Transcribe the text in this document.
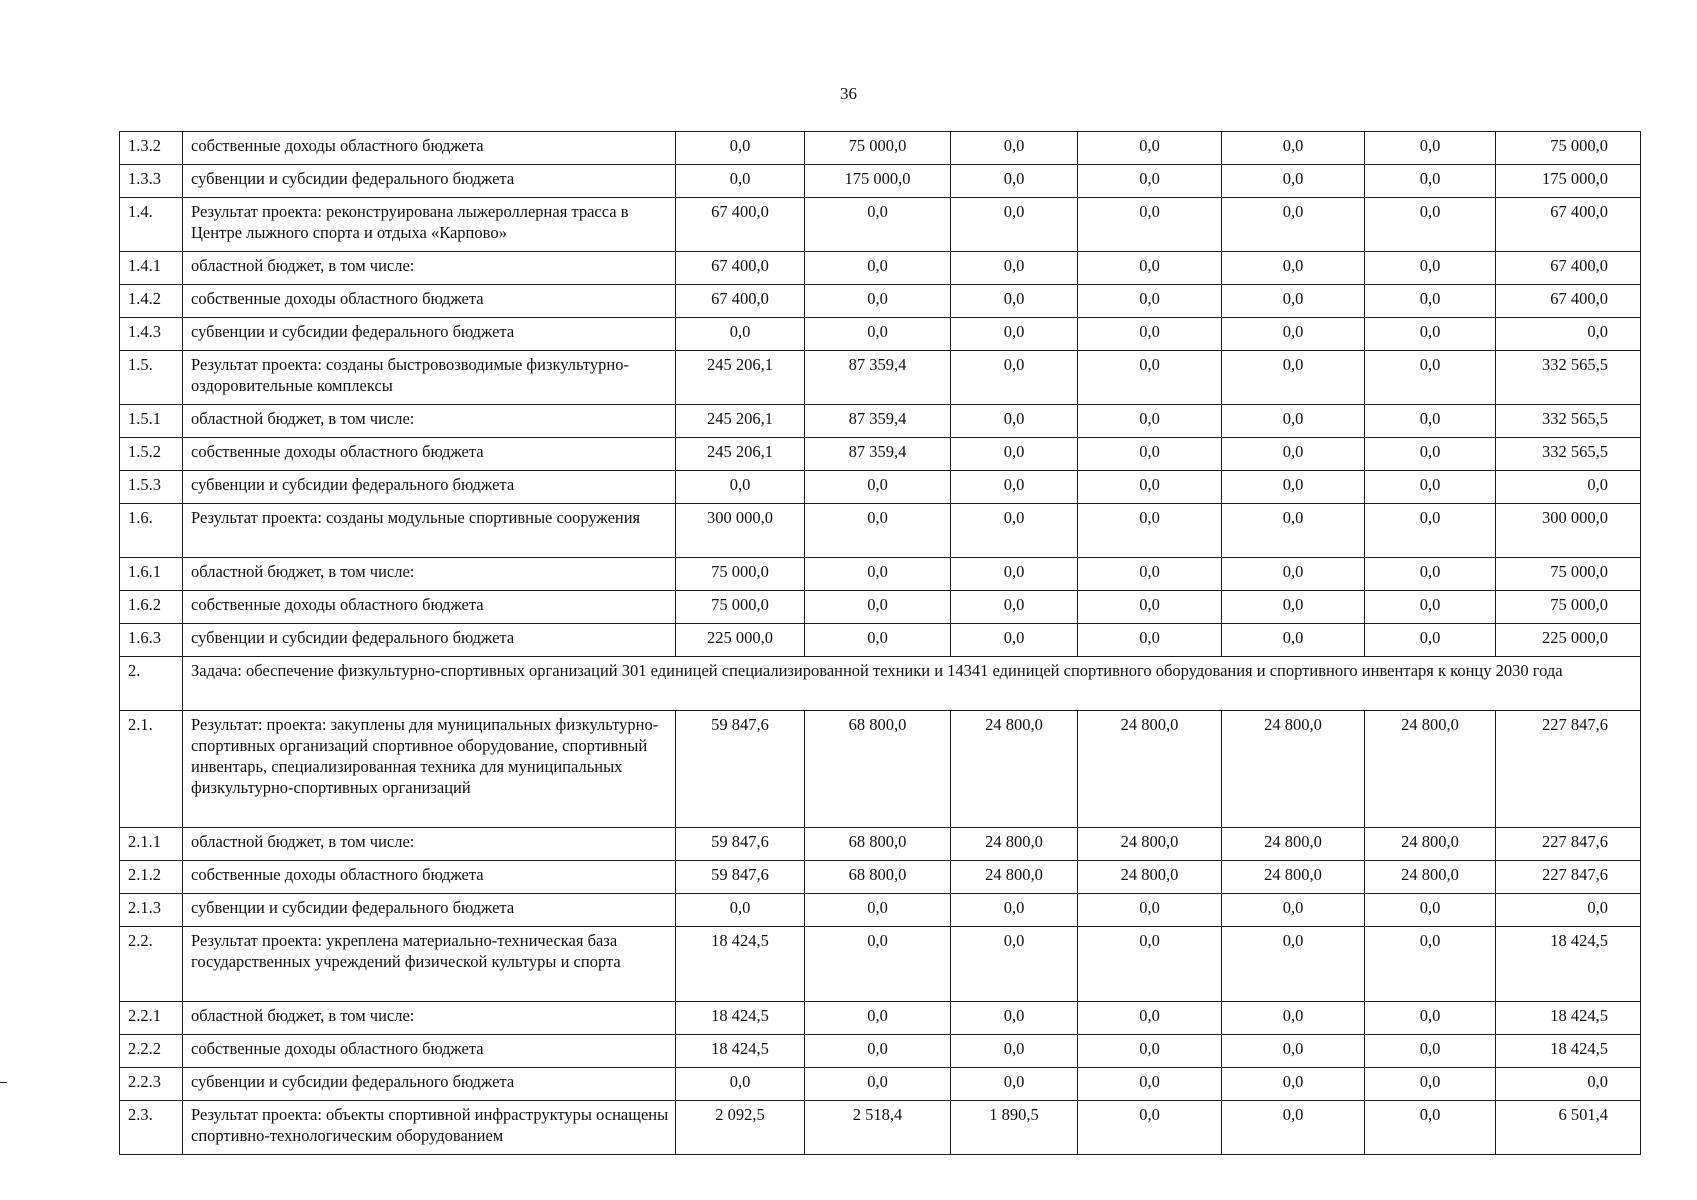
36
1.3.2	собственные доходы областного бюджета	0,0	75 000,0	0,0	0,0	0,0	0,0	75 000,0
1.3.3	субвенции и субсидии федерального бюджета	0,0	175 000,0	0,0	0,0	0,0	0,0	175 000,0
1.4.	Результат проекта: реконструирована лыжероллерная трасса в Центре лыжного спорта и отдыха «Карпово»	67 400,0	0,0	0,0	0,0	0,0	0,0	67 400,0
1.4.1	областной бюджет, в том числе:	67 400,0	0,0	0,0	0,0	0,0	0,0	67 400,0
1.4.2	собственные доходы областного бюджета	67 400,0	0,0	0,0	0,0	0,0	0,0	67 400,0
1.4.3	субвенции и субсидии федерального бюджета	0,0	0,0	0,0	0,0	0,0	0,0	0,0
1.5.	Результат проекта: созданы быстровозводимые физкультурно-оздоровительные комплексы	245 206,1	87 359,4	0,0	0,0	0,0	0,0	332 565,5
1.5.1	областной бюджет, в том числе:	245 206,1	87 359,4	0,0	0,0	0,0	0,0	332 565,5
1.5.2	собственные доходы областного бюджета	245 206,1	87 359,4	0,0	0,0	0,0	0,0	332 565,5
1.5.3	субвенции и субсидии федерального бюджета	0,0	0,0	0,0	0,0	0,0	0,0	0,0
1.6.	Результат проекта: созданы модульные спортивные сооружения	300 000,0	0,0	0,0	0,0	0,0	0,0	300 000,0
1.6.1	областной бюджет, в том числе:	75 000,0	0,0	0,0	0,0	0,0	0,0	75 000,0
1.6.2	собственные доходы областного бюджета	75 000,0	0,0	0,0	0,0	0,0	0,0	75 000,0
1.6.3	субвенции и субсидии федерального бюджета	225 000,0	0,0	0,0	0,0	0,0	0,0	225 000,0
2.	Задача: обеспечение физкультурно-спортивных организаций 301 единицей специализированной техники и 14341 единицей спортивного оборудования и спортивного инвентаря к концу 2030 года							
2.1.	Результат: проекта: закуплены для муниципальных физкультурно-спортивных организаций спортивное оборудование, спортивный инвентарь, специализированная техника для муниципальных физкультурно-спортивных организаций	59 847,6	68 800,0	24 800,0	24 800,0	24 800,0	24 800,0	227 847,6
2.1.1	областной бюджет, в том числе:	59 847,6	68 800,0	24 800,0	24 800,0	24 800,0	24 800,0	227 847,6
2.1.2	собственные доходы областного бюджета	59 847,6	68 800,0	24 800,0	24 800,0	24 800,0	24 800,0	227 847,6
2.1.3	субвенции и субсидии федерального бюджета	0,0	0,0	0,0	0,0	0,0	0,0	0,0
2.2.	Результат проекта: укреплена материально-техническая база государственных учреждений физической культуры и спорта	18 424,5	0,0	0,0	0,0	0,0	0,0	18 424,5
2.2.1	областной бюджет, в том числе:	18 424,5	0,0	0,0	0,0	0,0	0,0	18 424,5
2.2.2	собственные доходы областного бюджета	18 424,5	0,0	0,0	0,0	0,0	0,0	18 424,5
2.2.3	субвенции и субсидии федерального бюджета	0,0	0,0	0,0	0,0	0,0	0,0	0,0
2.3.	Результат проекта: объекты спортивной инфраструктуры оснащены спортивно-технологическим оборудованием	2 092,5	2 518,4	1 890,5	0,0	0,0	0,0	6 501,4
